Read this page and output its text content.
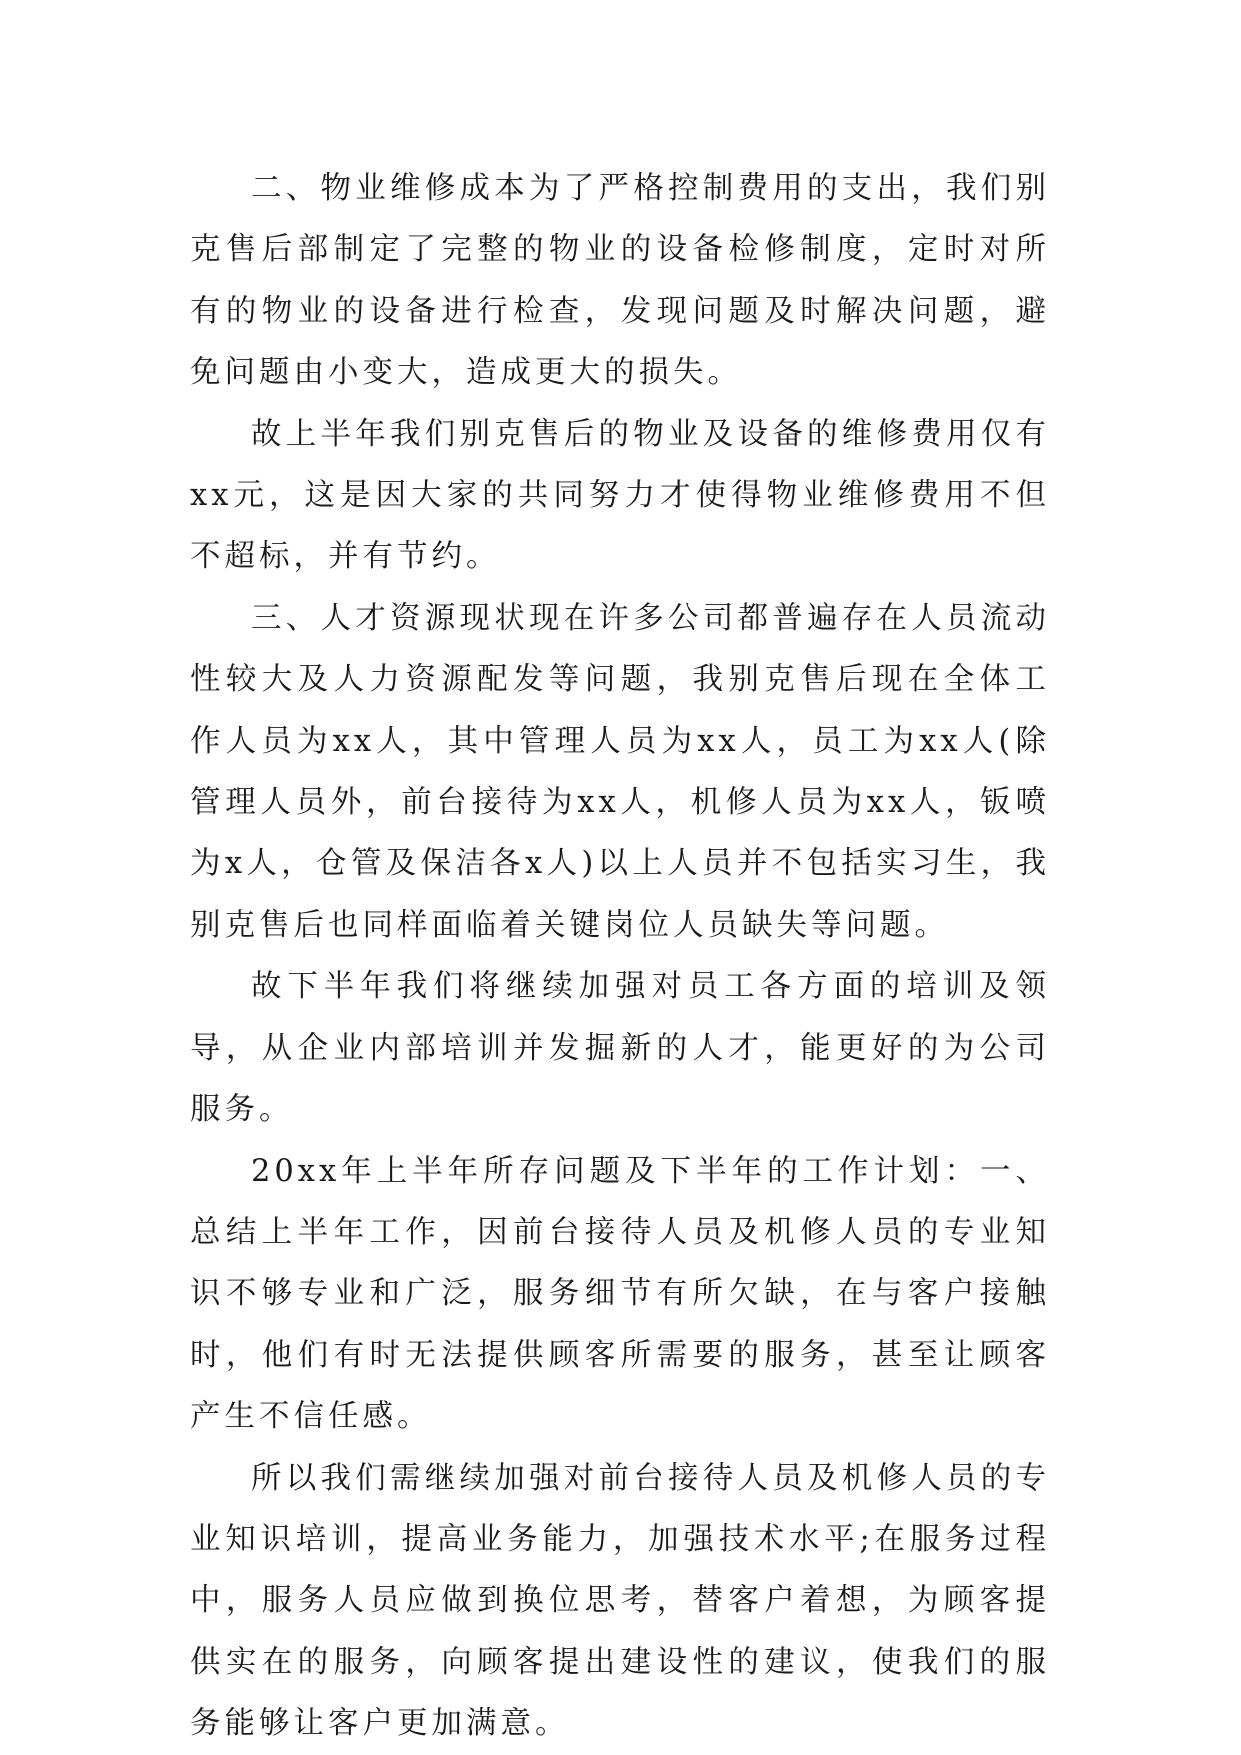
二、物业维修成本为了严格控制费用的支出，我们别克售后部制定了完整的物业的设备检修制度，定时对所有的物业的设备进行检查，发现问题及时解决问题，避免问题由小变大，造成更大的损失。

故上半年我们别克售后的物业及设备的维修费用仅有xx元，这是因大家的共同努力才使得物业维修费用不但不超标，并有节约。

三、人才资源现状现在许多公司都普遍存在人员流动性较大及人力资源配发等问题，我别克售后现在全体工作人员为xx人，其中管理人员为xx人，员工为xx人(除管理人员外，前台接待为xx人，机修人员为xx人，钣喷为x人，仓管及保洁各x人)以上人员并不包括实习生，我别克售后也同样面临着关键岗位人员缺失等问题。

故下半年我们将继续加强对员工各方面的培训及领导，从企业内部培训并发掘新的人才，能更好的为公司服务。

20xx年上半年所存问题及下半年的工作计划：一、总结上半年工作，因前台接待人员及机修人员的专业知识不够专业和广泛，服务细节有所欠缺，在与客户接触时，他们有时无法提供顾客所需要的服务，甚至让顾客产生不信任感。

所以我们需继续加强对前台接待人员及机修人员的专业知识培训，提高业务能力，加强技术水平;在服务过程中，服务人员应做到换位思考，替客户着想，为顾客提供实在的服务，向顾客提出建设性的建议，使我们的服务能够让客户更加满意。
